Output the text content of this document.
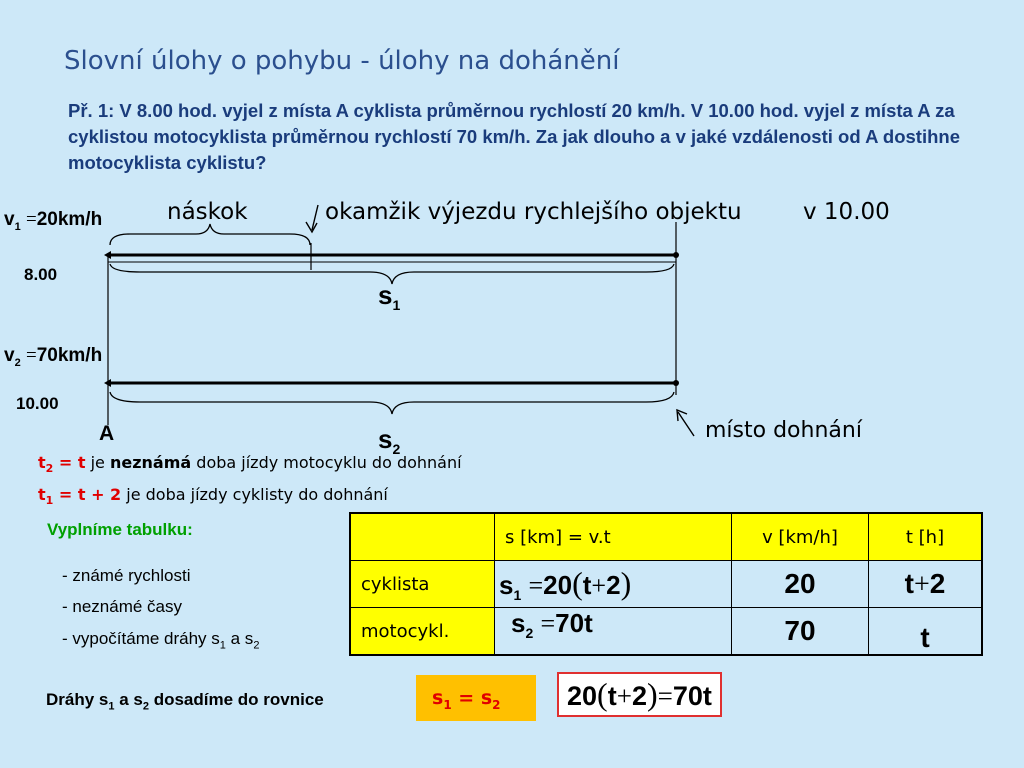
Slovní úlohy o pohybu - úlohy na dohánění
Př. 1: V 8.00 hod. vyjel z místa A cyklista průměrnou rychlostí 20 km/h. V 10.00 hod. vyjel z místa A za cyklistou motocyklista průměrnou rychlostí 70 km/h. Za jak dlouho a v jaké vzdálenosti od A dostihne motocyklista cyklistu?
náskok	okamžik výjezdu rychlejšího objektu	v 10.00
$v_1 =20km/h$
8.00
$s_1$
$v_2 =70km/h$
10.00
A	$s_2$
místo dohnání
$t_2 = t$ je neznámá doba jízdy motocyklu do dohnání
$t_1 = t + 2$ je doba jízdy cyklisty do dohnání
Vyplníme tabulku:
- známé rychlosti
- neznámé časy
- vypočítáme dráhy $s_1$ a $s_2$
	s [km] = v.t	v [km/h]	t [h]
cyklista	$s_1 =20(t+2)$	20	t+2
motocykl.	$s_2 =70t$	70	t
Dráhy $s_1$ a $s_2$ dosadíme do rovnice	$s_1 = s_2$	20(t+2)=70t
